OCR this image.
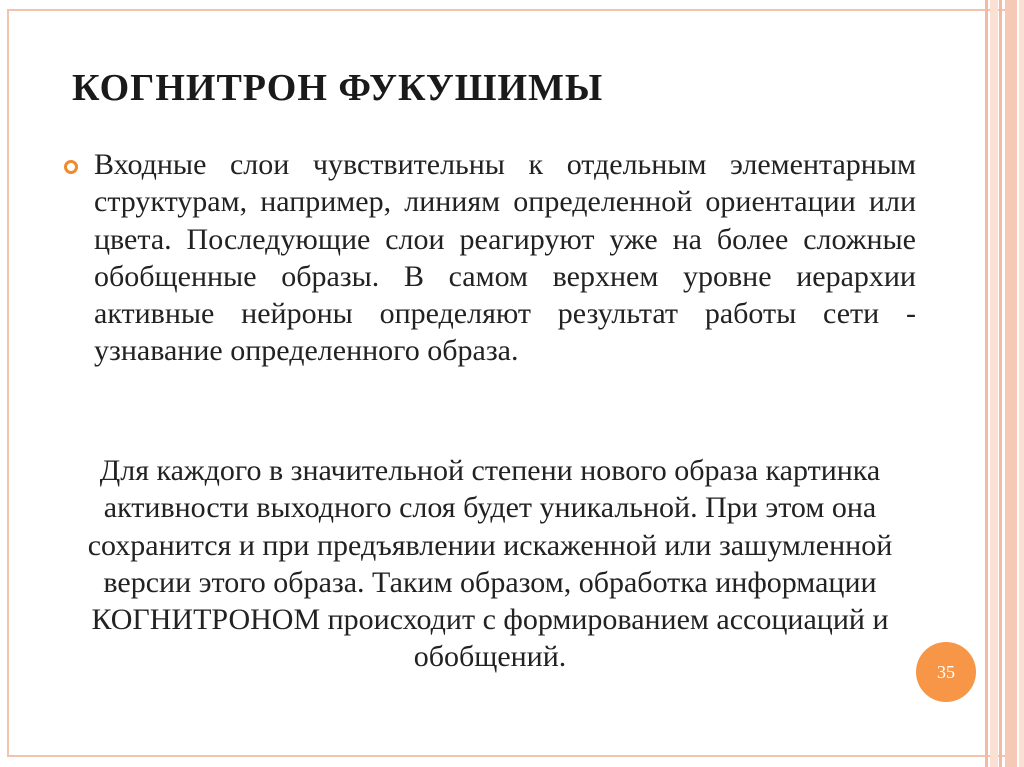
КОГНИТРОН ФУКУШИМЫ

Входные слои чувствительны к отдельным элементарным структурам, например, линиям определенной ориентации или цвета. Последующие слои реагируют уже на более сложные обобщенные образы. В самом верхнем уровне иерархии активные нейроны определяют результат работы сети - узнавание определенного образа.

Для каждого в значительной степени нового образа картинка активности выходного слоя будет уникальной. При этом она сохранится и при предъявлении искаженной или зашумленной версии этого образа. Таким образом, обработка информации КОГНИТРОНОМ происходит с формированием ассоциаций и обобщений.	35
